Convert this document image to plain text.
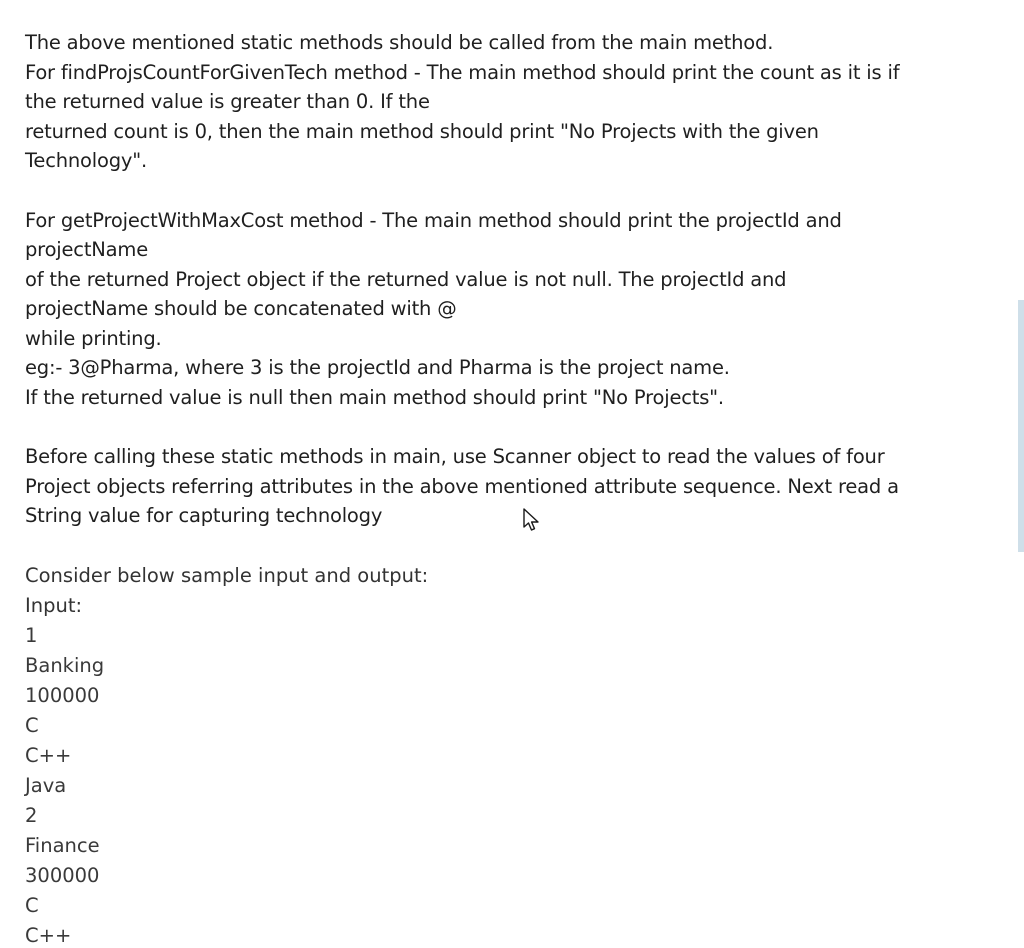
The above mentioned static methods should be called from the main method.
For findProjsCountForGivenTech method - The main method should print the count as it is if
the returned value is greater than 0. If the
returned count is 0, then the main method should print "No Projects with the given
Technology".

For getProjectWithMaxCost method - The main method should print the projectId and
projectName
of the returned Project object if the returned value is not null. The projectId and
projectName should be concatenated with @
while printing.
eg:- 3@Pharma, where 3 is the projectId and Pharma is the project name.
If the returned value is null then main method should print "No Projects".

Before calling these static methods in main, use Scanner object to read the values of four
Project objects referring attributes in the above mentioned attribute sequence. Next read a
String value for capturing technology

Consider below sample input and output:
Input:
1
Banking
100000
C
C++
Java
2
Finance
300000
C
C++
